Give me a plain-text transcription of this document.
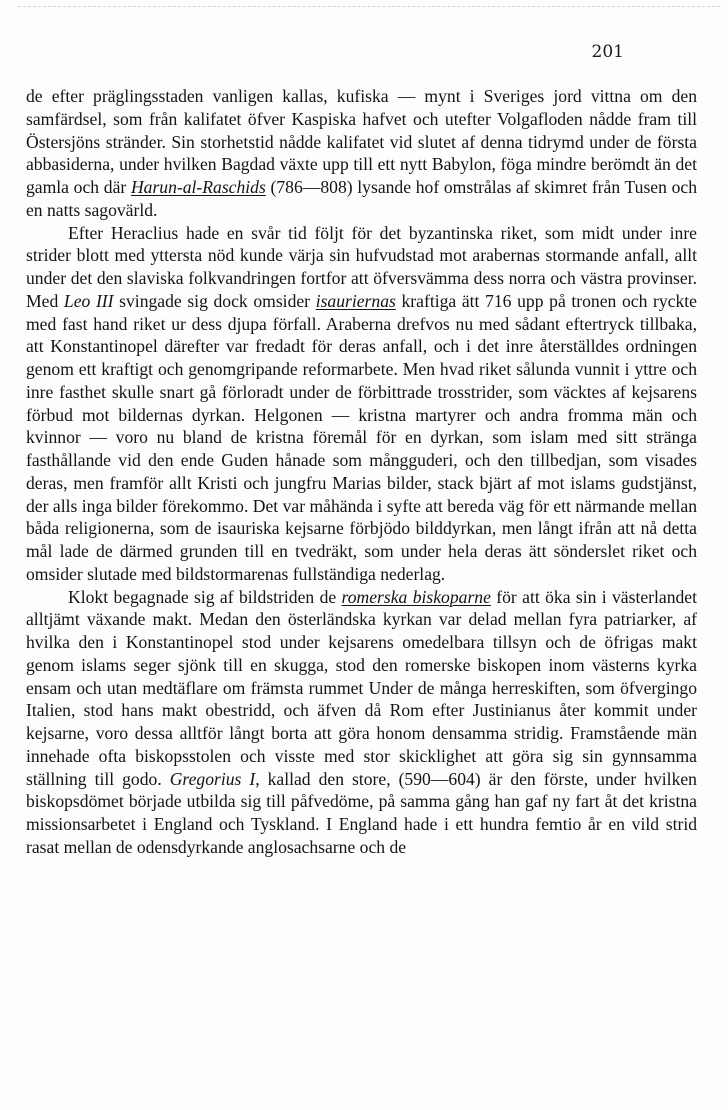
201

de efter präglingsstaden vanligen kallas, kufiska — mynt i Sveriges jord vittna om den samfärdsel, som från kalifatet öfver Kaspiska hafvet och utefter Volgafloden nådde fram till Östersjöns stränder. Sin storhetstid nådde kalifatet vid slutet af denna tidrymd under de första abbasiderna, under hvilken Bagdad växte upp till ett nytt Babylon, föga mindre berömdt än det gamla och där Harun-al-Raschids (786—808) lysande hof omstrålas af skimret från Tusen och en natts sagovärld.

Efter Heraclius hade en svår tid följt för det byzantinska riket, som midt under inre strider blott med yttersta nöd kunde värja sin hufvudstad mot arabernas stormande anfall, allt under det den slaviska folkvandringen fortfor att öfversvämma dess norra och västra provinser. Med Leo III svingade sig dock omsider isauriernas kraftiga ätt 716 upp på tronen och ryckte med fast hand riket ur dess djupa förfall. Araberna drefvos nu med sådant eftertryck tillbaka, att Konstantinopel därefter var fredadt för deras anfall, och i det inre återställdes ordningen genom ett kraftigt och genomgripande reformarbete. Men hvad riket sålunda vunnit i yttre och inre fasthet skulle snart gå förloradt under de förbittrade trosstrider, som väcktes af kejsarens förbud mot bildernas dyrkan. Helgonen — kristna martyrer och andra fromma män och kvinnor — voro nu bland de kristna föremål för en dyrkan, som islam med sitt stränga fasthållande vid den ende Guden hånade som mångguderi, och den tillbedjan, som visades deras, men framför allt Kristi och jungfru Marias bilder, stack bjärt af mot islams gudstjänst, der alls inga bilder förekommo. Det var måhända i syfte att bereda väg för ett närmande mellan båda religionerna, som de isauriska kejsarne förbjödo bilddyrkan, men långt ifrån att nå detta mål lade de därmed grunden till en tvedräkt, som under hela deras ätt sönderslet riket och omsider slutade med bildstormarenas fullständiga nederlag.

Klokt begagnade sig af bildstriden de romerska biskoparne för att öka sin i västerlandet alltjämt växande makt. Medan den österländska kyrkan var delad mellan fyra patriarker, af hvilka den i Konstantinopel stod under kejsarens omedelbara tillsyn och de öfrigas makt genom islams seger sjönk till en skugga, stod den romerske biskopen inom västerns kyrka ensam och utan medtäflare om främsta rummet Under de många herreskiften, som öfvergingo Italien, stod hans makt obestridd, och äfven då Rom efter Justinianus åter kommit under kejsarne, voro dessa alltför långt borta att göra honom densamma stridig. Framstående män innehade ofta biskopsstolen och visste med stor skicklighet att göra sig sin gynnsamma ställning till godo. Gregorius I, kallad den store, (590—604) är den förste, under hvilken biskopsdömet började utbilda sig till påfvedöme, på samma gång han gaf ny fart åt det kristna missionsarbetet i England och Tyskland. I England hade i ett hundra femtio år en vild strid rasat mellan de odensdyrkande anglosachsarne och de
